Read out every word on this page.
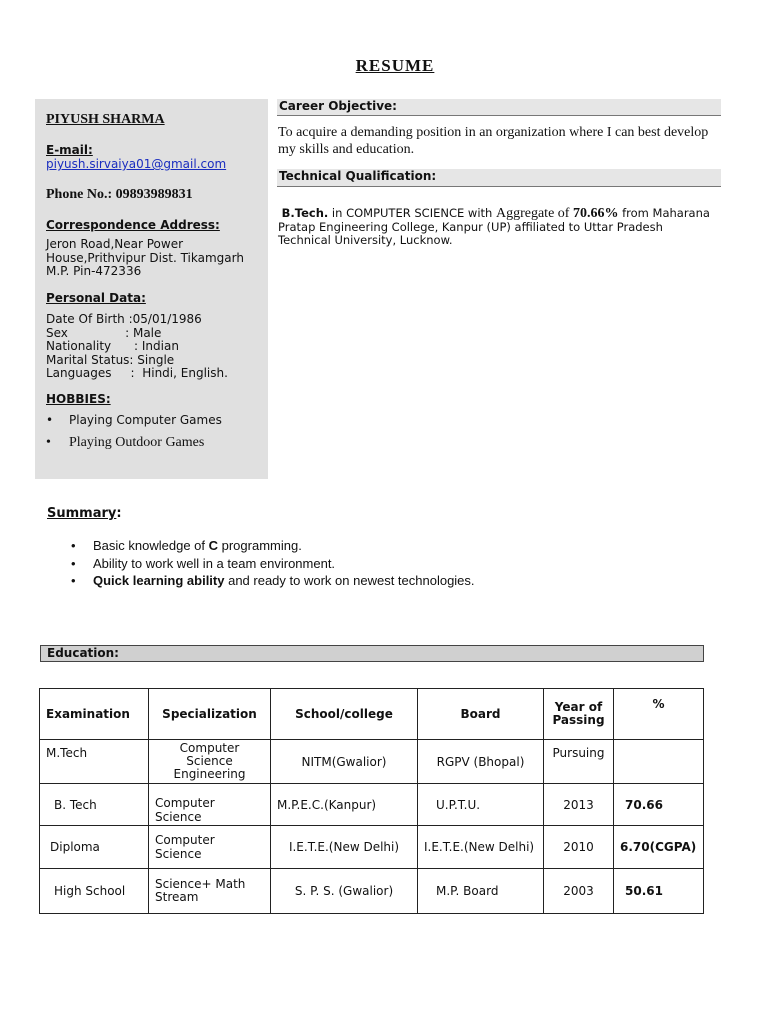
RESUME
PIYUSH SHARMA
E-mail:
piyush.sirvaiya01@gmail.com
Phone No.: 09893989831
Correspondence Address:
Jeron Road,Near Power
House,Prithvipur Dist. Tikamgarh
M.P. Pin-472336
Personal Data:
Date Of Birth :05/01/1986
Sex               : Male
Nationality      : Indian
Marital Status: Single
Languages     :  Hindi, English.
HOBBIES:
• Playing Computer Games
• Playing Outdoor Games
Career Objective:
To acquire a demanding position in an organization where I can best develop my skills and education.
Technical Qualification:
B.Tech. in COMPUTER SCIENCE with Aggregate of 70.66% from Maharana Pratap Engineering College, Kanpur (UP) affiliated to Uttar Pradesh Technical University, Lucknow.
Summary:
• Basic knowledge of C programming.
• Ability to work well in a team environment.
• Quick learning ability and ready to work on newest technologies.
Education:
Examination	Specialization	School/college	Board	Year of Passing	%
M.Tech	Computer Science Engineering	NITM(Gwalior)	RGPV (Bhopal)	Pursuing	
B. Tech	Computer Science	M.P.E.C.(Kanpur)	U.P.T.U.	2013	70.66
Diploma	Computer Science	I.E.T.E.(New Delhi)	I.E.T.E.(New Delhi)	2010	6.70(CGPA)
High School	Science+ Math Stream	S. P. S. (Gwalior)	M.P. Board	2003	50.61
